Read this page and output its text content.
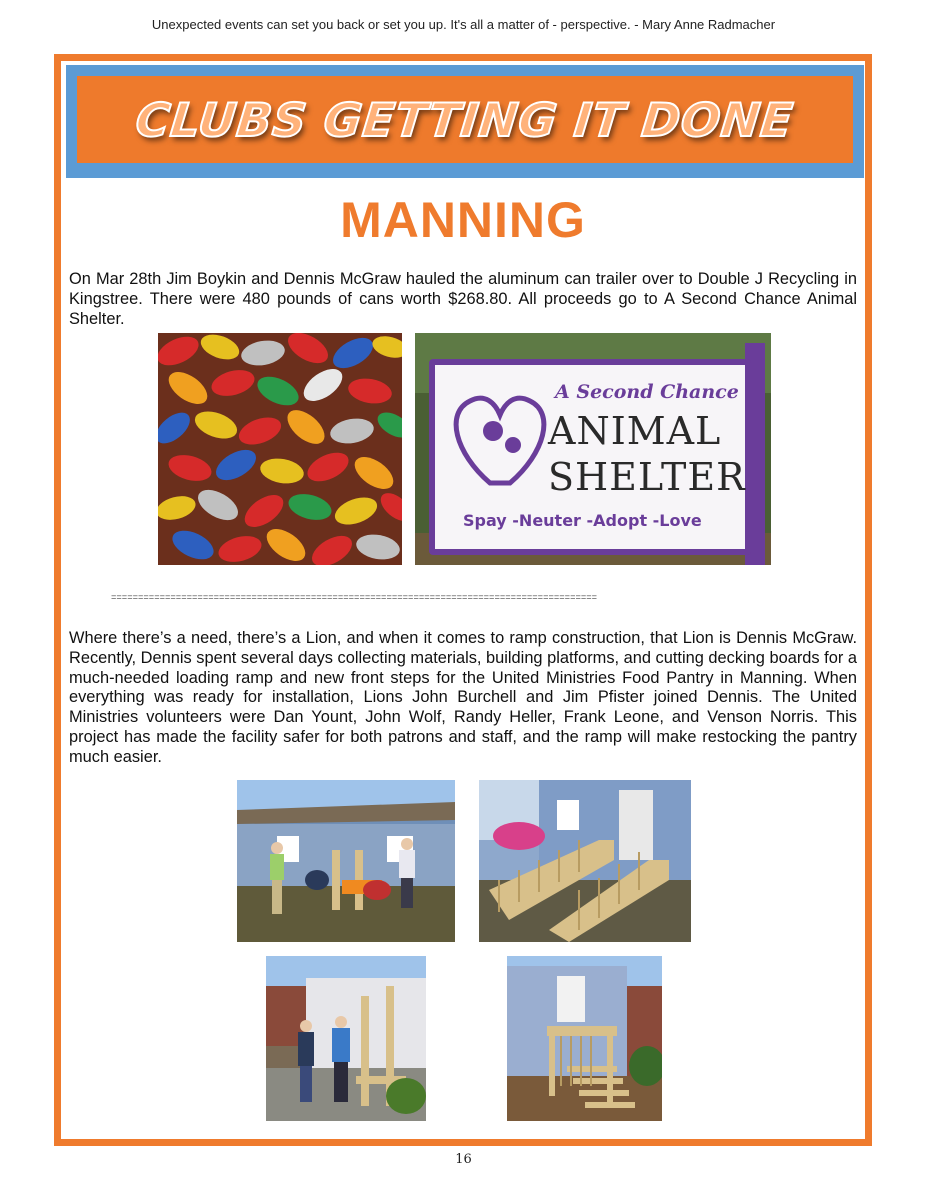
Unexpected events can set you back or set you up. It's all a matter of - perspective. - Mary Anne Radmacher
CLUBS GETTING IT DONE
MANNING
On Mar 28th Jim Boykin and Dennis McGraw hauled the aluminum can trailer over to Double J Recycling in Kingstree. There were 480 pounds of cans worth $268.80. All proceeds go to A Second Chance Animal Shelter.
A Second Chance
ANIMAL
SHELTER
Spay -Neuter -Adopt -Love
==========================================================================================
Where there’s a need, there’s a Lion, and when it comes to ramp construction, that Lion is Dennis McGraw. Recently, Dennis spent several days collecting materials, building platforms, and cutting decking boards for a much-needed loading ramp and new front steps for the United Ministries Food Pantry in Manning. When everything was ready for installation, Lions John Burchell and Jim Pfister joined Dennis. The United Ministries volunteers were Dan Yount, John Wolf, Randy Heller, Frank Leone, and Venson Norris. This project has made the facility safer for both patrons and staff, and the ramp will make restocking the pantry much easier.
16
